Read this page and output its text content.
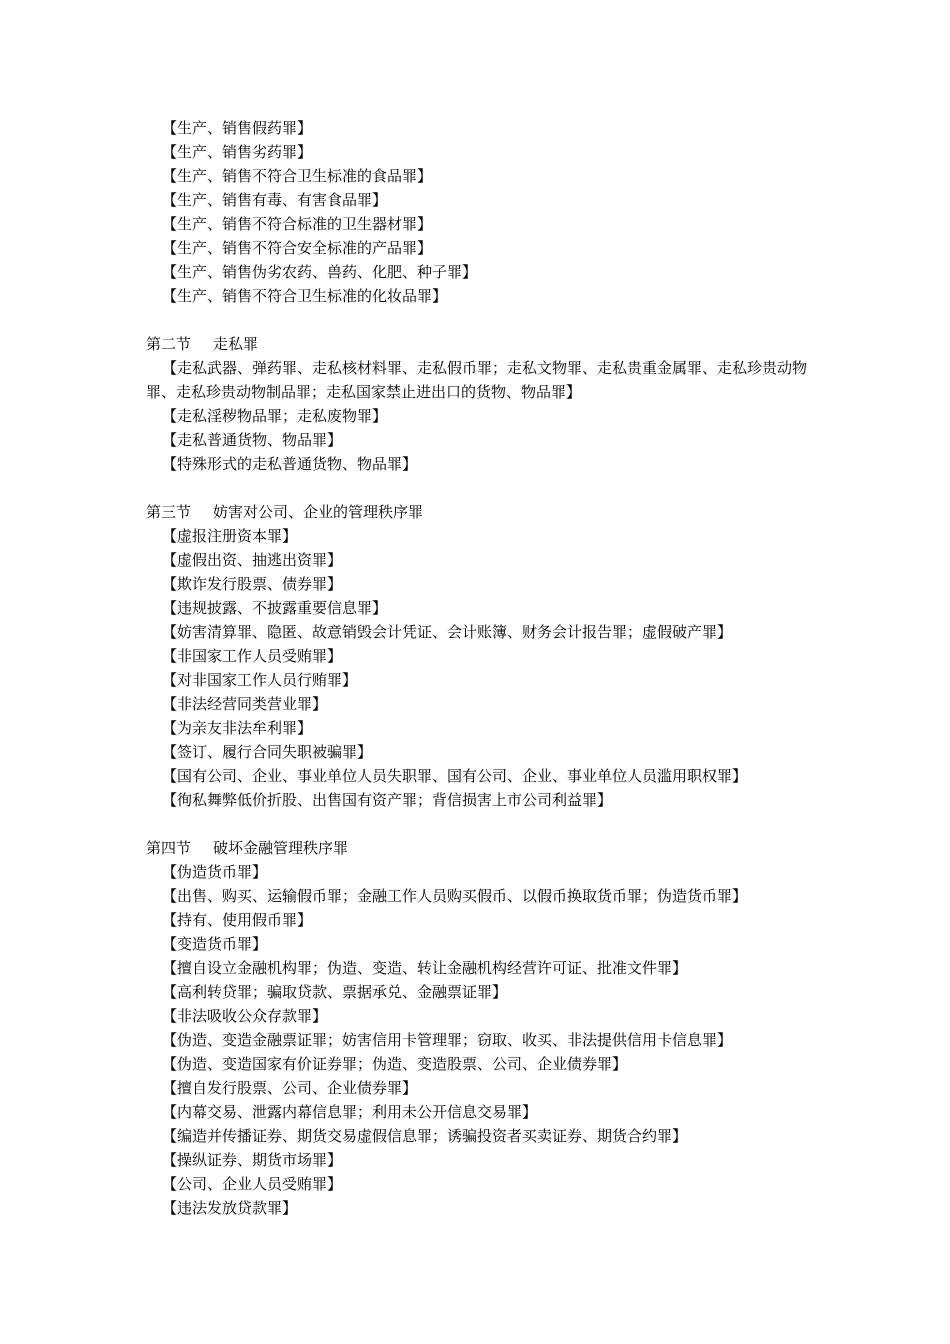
【生产、销售假药罪】
【生产、销售劣药罪】
【生产、销售不符合卫生标准的食品罪】
【生产、销售有毒、有害食品罪】
【生产、销售不符合标准的卫生器材罪】
【生产、销售不符合安全标准的产品罪】
【生产、销售伪劣农药、兽药、化肥、种子罪】
【生产、销售不符合卫生标准的化妆品罪】
第二节 走私罪
【走私武器、弹药罪、走私核材料罪、走私假币罪；走私文物罪、走私贵重金属罪、走私珍贵动物罪、走私珍贵动物制品罪；走私国家禁止进出口的货物、物品罪】
【走私淫秽物品罪；走私废物罪】
【走私普通货物、物品罪】
【特殊形式的走私普通货物、物品罪】
第三节 妨害对公司、企业的管理秩序罪
【虚报注册资本罪】
【虚假出资、抽逃出资罪】
【欺诈发行股票、债券罪】
【违规披露、不披露重要信息罪】
【妨害清算罪、隐匿、故意销毁会计凭证、会计账簿、财务会计报告罪；虚假破产罪】
【非国家工作人员受贿罪】
【对非国家工作人员行贿罪】
【非法经营同类营业罪】
【为亲友非法牟利罪】
【签订、履行合同失职被骗罪】
【国有公司、企业、事业单位人员失职罪、国有公司、企业、事业单位人员滥用职权罪】
【徇私舞弊低价折股、出售国有资产罪；背信损害上市公司利益罪】
第四节 破坏金融管理秩序罪
【伪造货币罪】
【出售、购买、运输假币罪；金融工作人员购买假币、以假币换取货币罪；伪造货币罪】
【持有、使用假币罪】
【变造货币罪】
【擅自设立金融机构罪；伪造、变造、转让金融机构经营许可证、批准文件罪】
【高利转贷罪；骗取贷款、票据承兑、金融票证罪】
【非法吸收公众存款罪】
【伪造、变造金融票证罪；妨害信用卡管理罪；窃取、收买、非法提供信用卡信息罪】
【伪造、变造国家有价证券罪；伪造、变造股票、公司、企业债券罪】
【擅自发行股票、公司、企业债券罪】
【内幕交易、泄露内幕信息罪；利用未公开信息交易罪】
【编造并传播证券、期货交易虚假信息罪；诱骗投资者买卖证券、期货合约罪】
【操纵证券、期货市场罪】
【公司、企业人员受贿罪】
【违法发放贷款罪】
